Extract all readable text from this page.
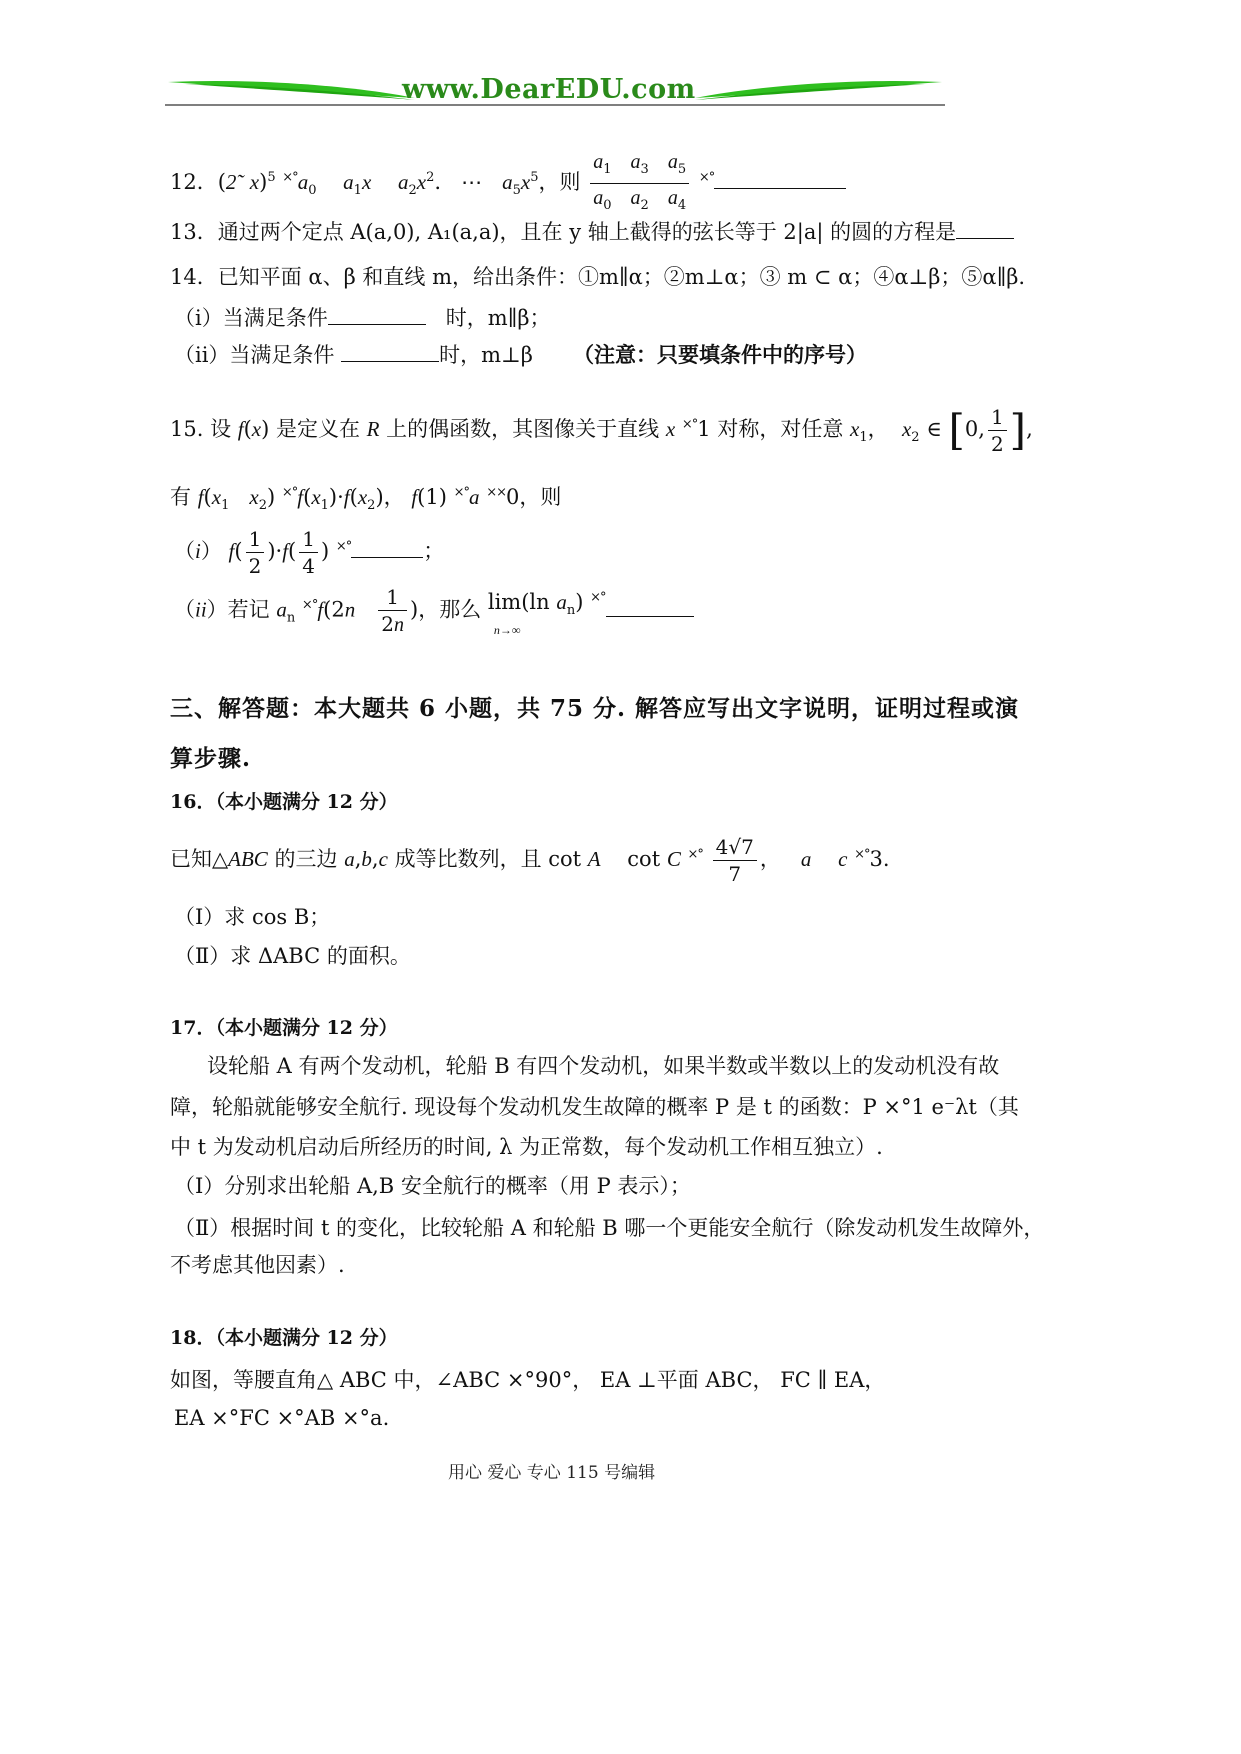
www.DearEDU.com
12．(2̃ x)$^5$ $^{\times^\circ}a_0$ $a_1x$ $a_2x^2$.   ⋯   $a_5x^5$，则 $\frac{a_1 a_3 a_5}{a_0 a_2 a_4} ^{\times^\circ}$
13．通过两个定点 A(a,0), A₁(a,a)，且在 y 轴上截得的弦长等于 2|a| 的圆的方程是
14．已知平面 α、β 和直线 m，给出条件：①m∥α；②m⊥α；③ m ⊂ α；④α⊥β；⑤α∥β.
（i）当满足条件	时，m∥β；
（ii）当满足条件	时，m⊥β （注意：只要填条件中的序号）
15. 设 f(x) 是定义在 R 上的偶函数，其图像关于直线 x ×°1 对称，对任意 $x_1$，  $x_2$ ∈ [0, $\frac{1}{2}$ ],
有 $f(x_1$ $x_2$) $^{\times^\circ}f(x_1)\cdot f(x_2)$， f(1) ×°a ××0，则
（i） $f( \frac{1}{2} )\cdot f( \frac{1}{4}$ ) ×°	；
（ii）若记 $a_n$ $^{\times^\circ}f(2n \frac{1}{2n}$ )，那么 lim(ln $a_n$) ×°
n→∞
三、解答题：本大题共 6 小题，共 75 分. 解答应写出文字说明，证明过程或演
算步骤.
16．（本小题满分 12 分）
已知△ABC 的三边 a,b,c 成等比数列，且 cot A    cot C $^{\times^\circ} \frac{4√7}{7}$ ，   a c ×°3.
（Ⅰ）求 cos B；
（Ⅱ）求 ΔABC 的面积。
17．（本小题满分 12 分）
设轮船 A 有两个发动机，轮船 B 有四个发动机，如果半数或半数以上的发动机没有故
障，轮船就能够安全航行. 现设每个发动机发生故障的概率 P 是 t 的函数：P ×°1 e⁻λt（其
中 t 为发动机启动后所经历的时间, λ 为正常数，每个发动机工作相互独立）.
（Ⅰ）分别求出轮船 A,B 安全航行的概率（用 P 表示）；
（Ⅱ）根据时间 t 的变化，比较轮船 A 和轮船 B 哪一个更能安全航行（除发动机发生故障外，
不考虑其他因素）.
18．（本小题满分 12 分）
如图，等腰直角△ ABC 中，∠ABC ×°90°， EA ⊥平面 ABC， FC ∥ EA，
EA ×°FC ×°AB ×°a.
用心 爱心 专心 115 号编辑
